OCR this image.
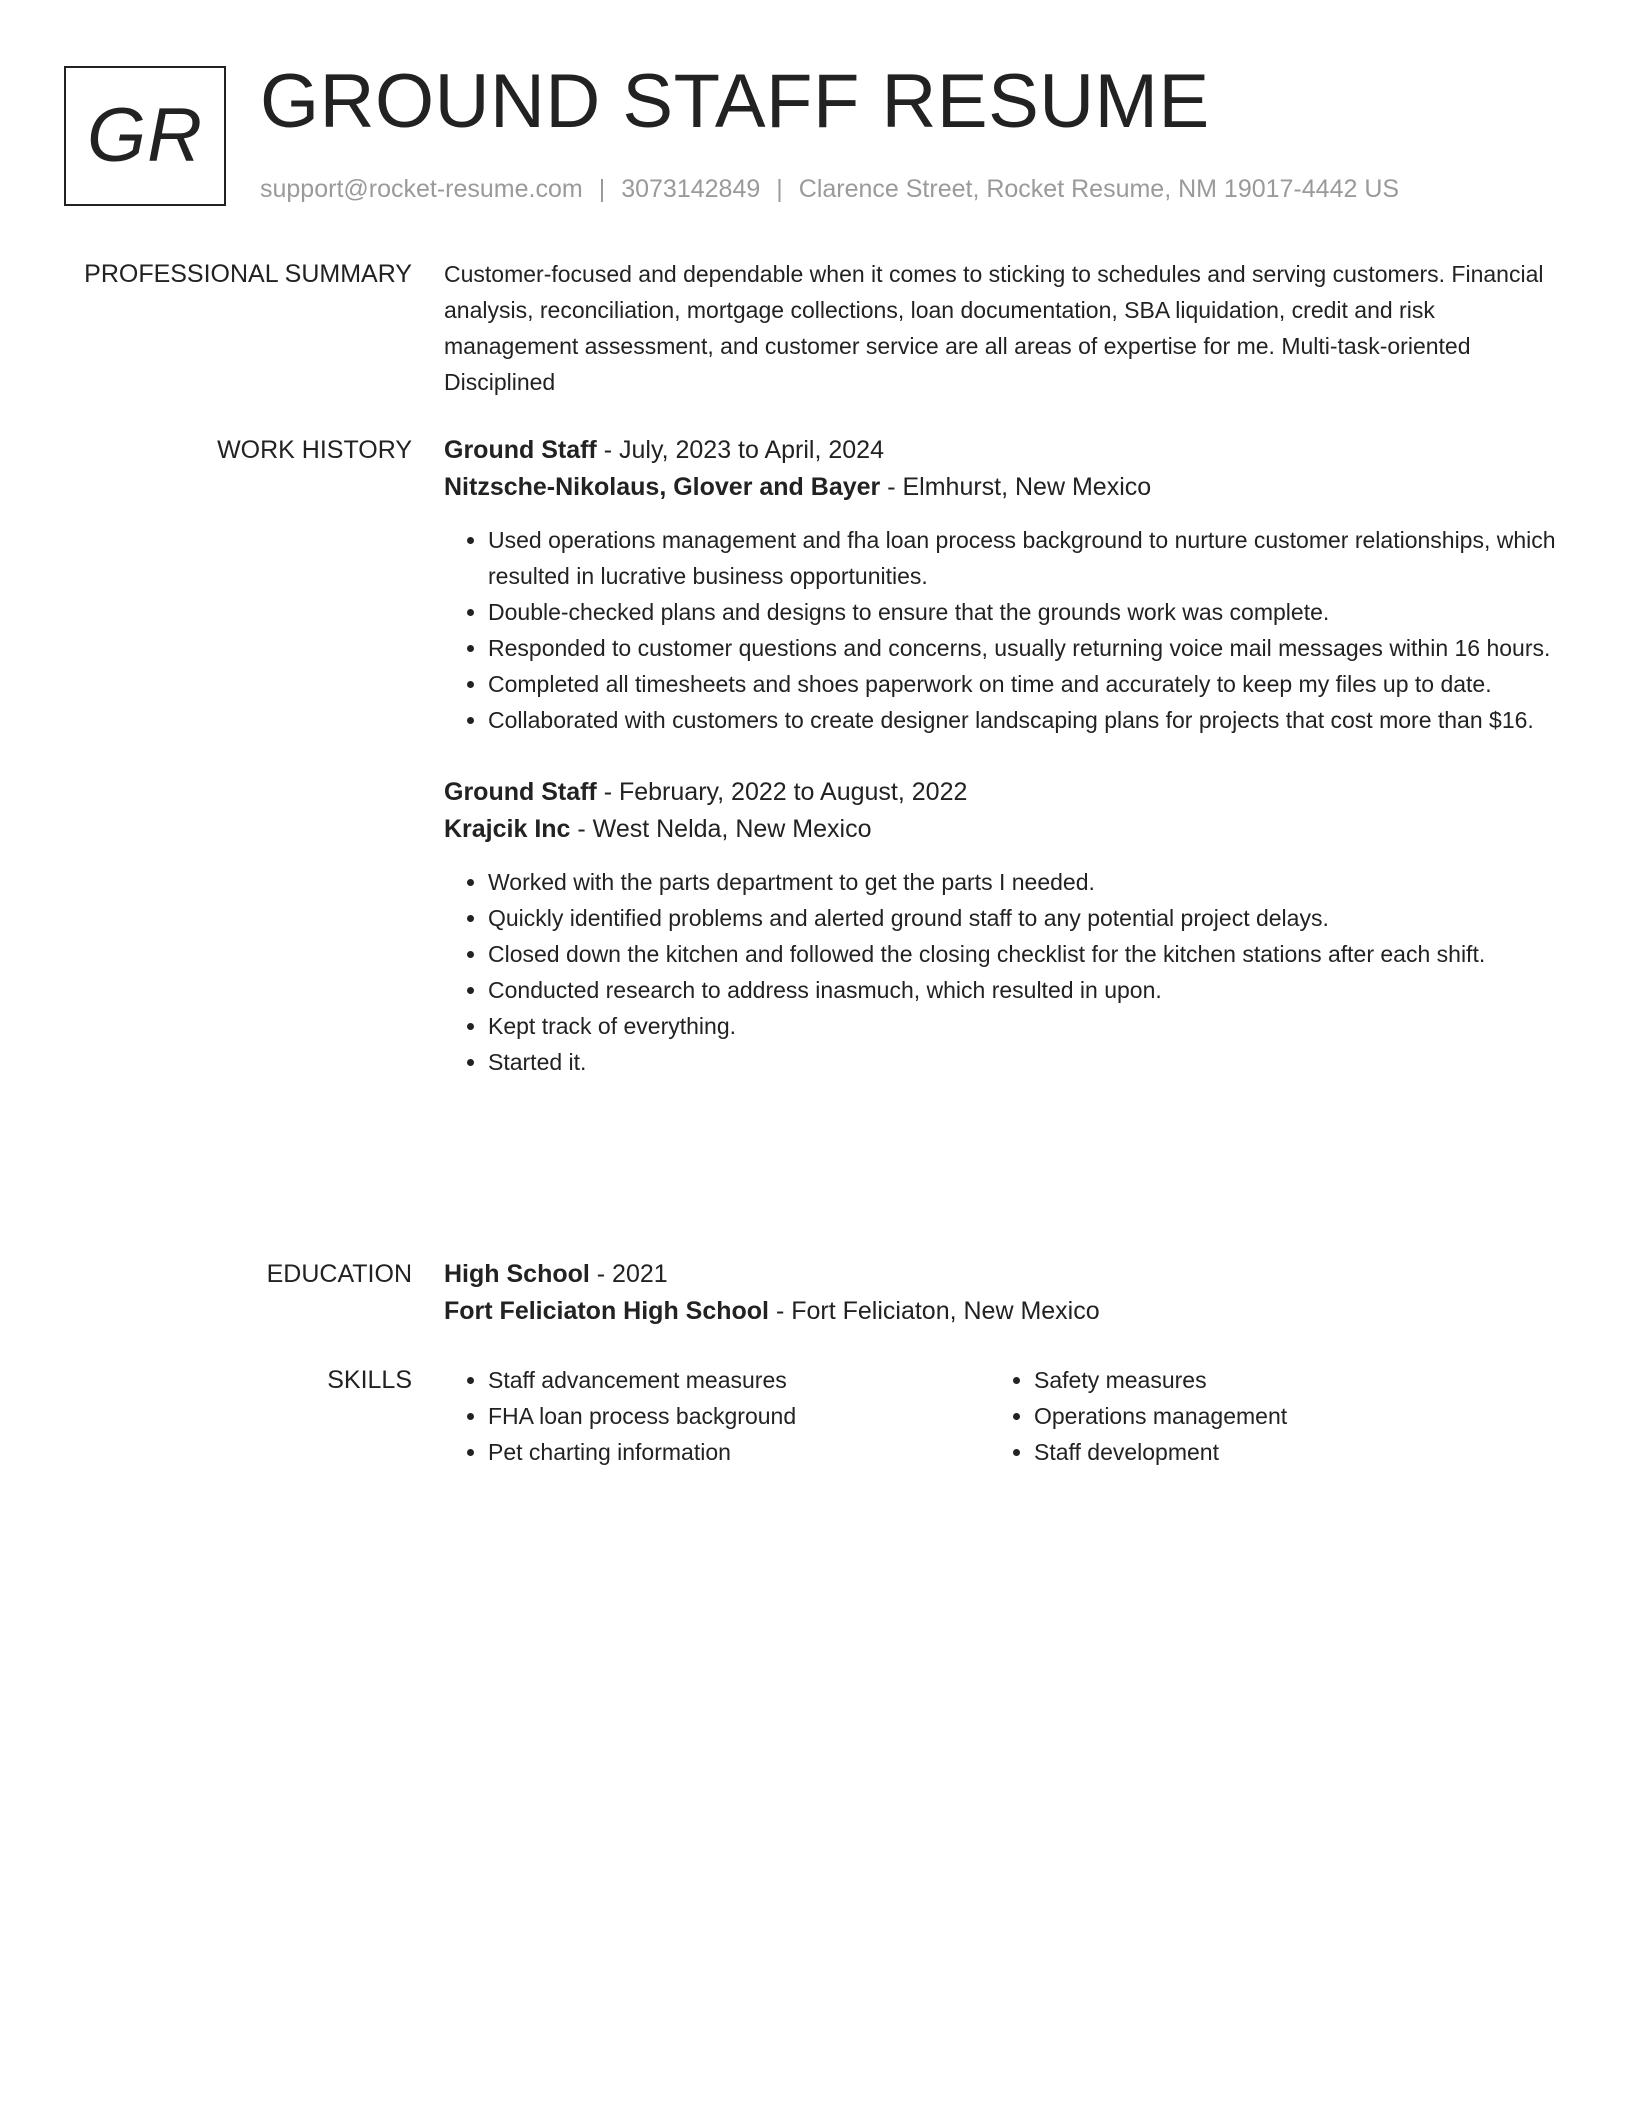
GR GROUND STAFF RESUME
support@rocket-resume.com | 3073142849 | Clarence Street, Rocket Resume, NM 19017-4442 US
PROFESSIONAL SUMMARY Customer-focused and dependable when it comes to sticking to schedules and serving customers. Financial analysis, reconciliation, mortgage collections, loan documentation, SBA liquidation, credit and risk management assessment, and customer service are all areas of expertise for me. Multi-task-oriented Disciplined

WORK HISTORY Ground Staff - July, 2023 to April, 2024

Nitzsche-Nikolaus, Glover and Bayer - Elmhurst, New Mexico

• Used operations management and fha loan process background to nurture customer relationships, which resulted in lucrative business opportunities.
• Double-checked plans and designs to ensure that the grounds work was complete.
• Responded to customer questions and concerns, usually returning voice mail messages within 16 hours.
• Completed all timesheets and shoes paperwork on time and accurately to keep my files up to date.
• Collaborated with customers to create designer landscaping plans for projects that cost more than $16.

Ground Staff - February, 2022 to August, 2022

Krajcik Inc - West Nelda, New Mexico

• Worked with the parts department to get the parts I needed.
• Quickly identified problems and alerted ground staff to any potential project delays.
• Closed down the kitchen and followed the closing checklist for the kitchen stations after each shift.
• Conducted research to address inasmuch, which resulted in upon.
• Kept track of everything.
• Started it.
EDUCATION High School - 2021

Fort Feliciaton High School - Fort Feliciaton, New Mexico

SKILLS
•	Staff advancement measures
• FHA loan process background
• Pet charting information
• Safety measures
• Operations management
• Staff development
